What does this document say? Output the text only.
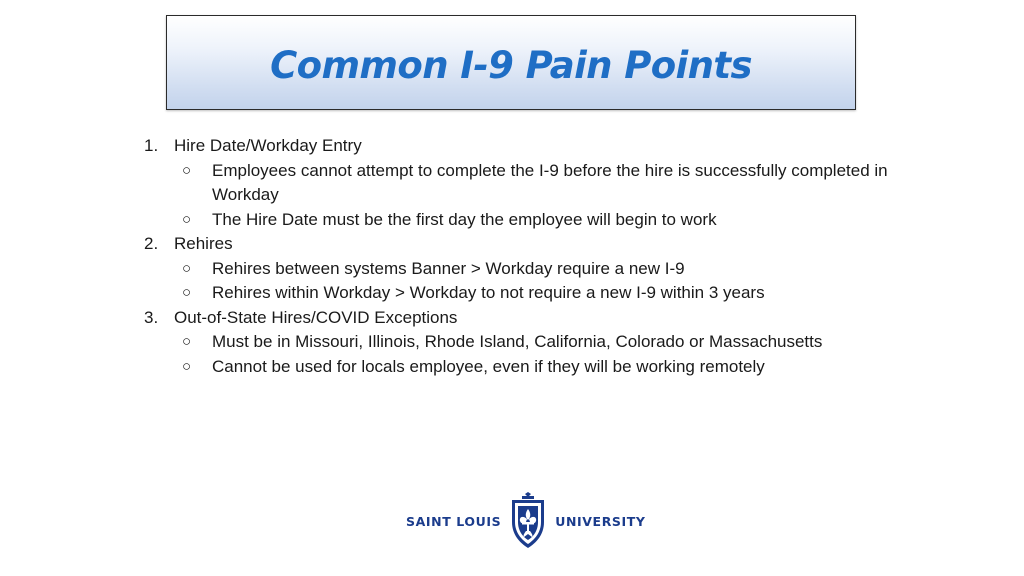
Common I-9 Pain Points
1. Hire Date/Workday Entry
○ Employees cannot attempt to complete the I-9 before the hire is successfully completed in Workday
○ The Hire Date must be the first day the employee will begin to work
2. Rehires
○ Rehires between systems Banner > Workday require a new I-9
○ Rehires within Workday > Workday to not require a new I-9 within 3 years
3. Out-of-State Hires/COVID Exceptions
○ Must be in Missouri, Illinois, Rhode Island, California, Colorado or Massachusetts
○ Cannot be used for locals employee, even if they will be working remotely
SAINT LOUIS	UNIVERSITY
